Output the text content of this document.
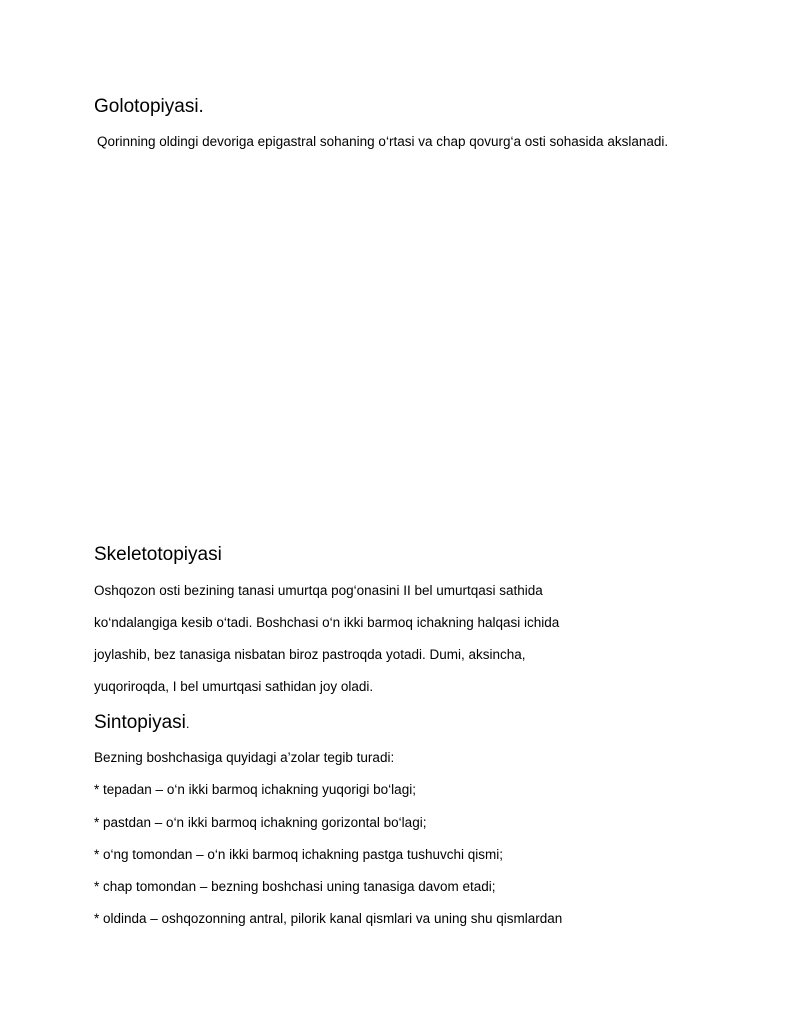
Golotopiyasi.

Qorinning oldingi devoriga epigastral sohaning o‘rtasi va chap qovurg‘a osti sohasida akslanadi.

Skeletotopiyasi

Oshqozon osti bezining tanasi umurtqa pog‘onasini II bel umurtqasi sathida

ko‘ndalangiga kesib o‘tadi. Boshchasi o‘n ikki barmoq ichakning halqasi ichida

joylashib, bez tanasiga nisbatan biroz pastroqda yotadi. Dumi, aksincha,

yuqoriroqda, I bel umurtqasi sathidan joy oladi.

Sintopiyasi.

Bezning boshchasiga quyidagi a’zolar tegib turadi:

* tepadan – o‘n ikki barmoq ichakning yuqorigi bo‘lagi;

* pastdan – o‘n ikki barmoq ichakning gorizontal bo‘lagi;

* o‘ng tomondan – o‘n ikki barmoq ichakning pastga tushuvchi qismi;

* chap tomondan – bezning boshchasi uning tanasiga davom etadi;

* oldinda – oshqozonning antral, pilorik kanal qismlari va uning shu qismlardan
